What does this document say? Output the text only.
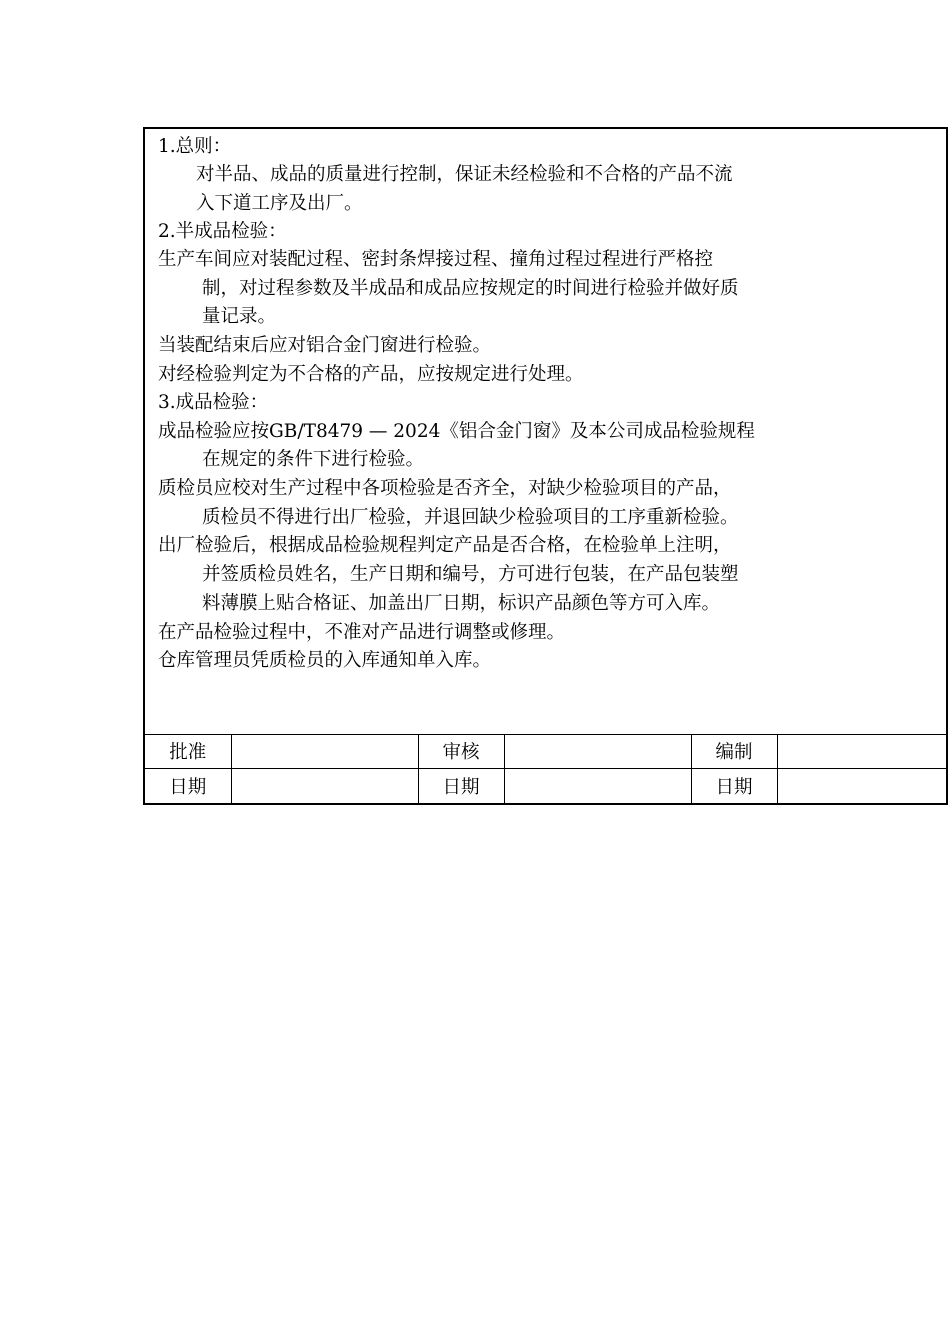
1.总则：
对半品、成品的质量进行控制，保证未经检验和不合格的产品不流
入下道工序及出厂。
2.半成品检验：
生产车间应对装配过程、密封条焊接过程、撞角过程过程进行严格控
制，对过程参数及半成品和成品应按规定的时间进行检验并做好质
量记录。
当装配结束后应对铝合金门窗进行检验。
对经检验判定为不合格的产品，应按规定进行处理。
3.成品检验：
成品检验应按GB/T8479 — 2024《铝合金门窗》及本公司成品检验规程
在规定的条件下进行检验。
质检员应校对生产过程中各项检验是否齐全，对缺少检验项目的产品，
质检员不得进行出厂检验，并退回缺少检验项目的工序重新检验。
出厂检验后，根据成品检验规程判定产品是否合格，在检验单上注明，
并签质检员姓名，生产日期和编号，方可进行包装，在产品包装塑
料薄膜上贴合格证、加盖出厂日期，标识产品颜色等方可入库。
在产品检验过程中，不准对产品进行调整或修理。
仓库管理员凭质检员的入库通知单入库。
批准		审核		编制	
日期		日期		日期	
